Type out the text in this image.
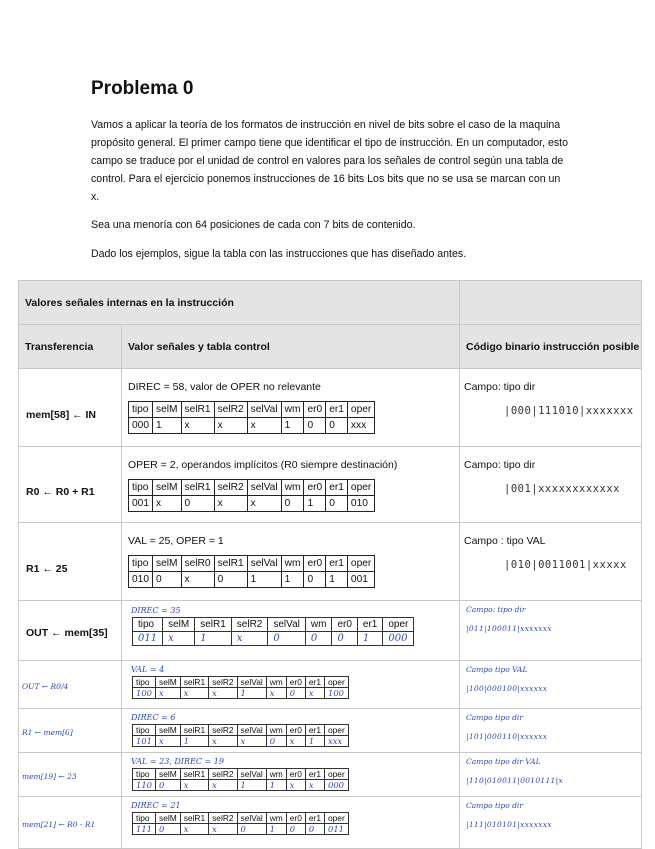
Problema 0
Vamos a aplicar la teoría de los formatos de instrucción en nivel de bits sobre el caso de la maquina propósito general. El primer campo tiene que identificar el tipo de instrucción. En un computador, esto campo se traduce por el unidad de control en valores para los señales de control según una tabla de control. Para el ejercicio ponemos instrucciones de 16 bits Los bits que no se usa se marcan con un x.
Sea una menoría con 64 posiciones de cada con 7 bits de contenido.
Dado los ejemplos, sigue la tabla con las instrucciones que has diseñado antes.
Valores señales internas en la instrucción	
Transferencia	Valor señales y tabla control	Código binario instrucción posible
mem[58] ← IN	
DIREC = 58, valor de OPER no relevante
tipo	selM	selR1	selR2	selVal	wm	er0	er1	oper
000	1	x	x	x	1	0	0	xxx

Campo: tipo dir
|000|111010|xxxxxxx

R0 ← R0 + R1	
OPER = 2, operandos implícitos (R0 siempre destinación)
tipo	selM	selR1	selR2	selVal	wm	er0	er1	oper
001	x	0	x	x	0	1	0	010

Campo: tipo dir
|001|xxxxxxxxxxxx

R1 ← 25	
VAL = 25, OPER = 1
tipo	selM	selR0	selR1	selVal	wm	er0	er1	oper
010	0	x	0	1	1	0	1	001

Campo : tipo VAL
|010|0011001|xxxxx

OUT ← mem[35]	
DIREC = 35
tipo	selM	selR1	selR2	selVal	wm	er0	er1	oper
011	x	1	x	0	0	0	1	000

Campo: tipo dir
|011|100011|xxxxxxx

OUT ← R0/4	
VAL = 4
tipo	selM	selR1	selR2	selVal	wm	er0	er1	oper
100	x	x	x	1	x	0	x	100

Campo tipo VAL
|100|000100|xxxxxx

R1 ← mem[6]	
DIREC = 6
tipo	selM	selR1	selR2	selVal	wm	er0	er1	oper
101	x	1	x	x	0	x	1	xxx

Campo tipo dir
|101|000110|xxxxxx

mem[19] ← 23	
VAL = 23, DIREC = 19
tipo	selM	selR1	selR2	selVal	wm	er0	er1	oper
110	0	x	x	1	1	x	x	000

Campo tipo dir VAL
|110|010011|0010111|x

mem[21] ← R0 - R1	
DIREC = 21
tipo	selM	selR1	selR2	selVal	wm	er0	er1	oper
111	0	x	x	0	1	0	0	011

Campo tipo dir
|111|010101|xxxxxxx
